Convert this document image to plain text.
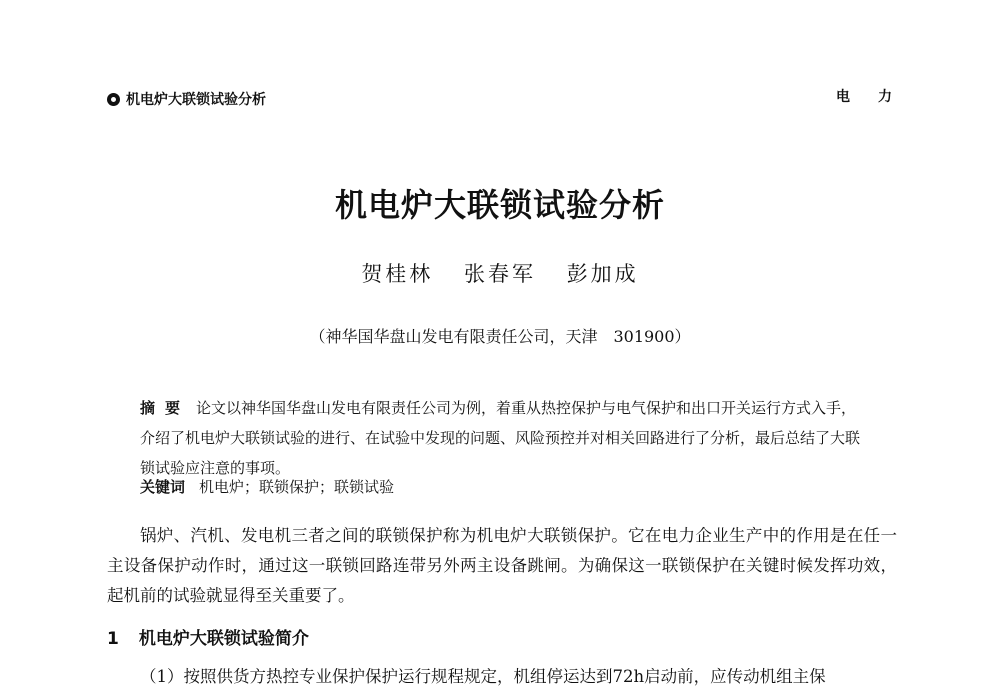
机电炉大联锁试验分析	电力
机电炉大联锁试验分析
贺桂林 张春军 彭加成
（神华国华盘山发电有限责任公司，天津　301900）
摘要 论文以神华国华盘山发电有限责任公司为例，着重从热控保护与电气保护和出口开关运行方式入手，介绍了机电炉大联锁试验的进行、在试验中发现的问题、风险预控并对相关回路进行了分析，最后总结了大联锁试验应注意的事项。
关键词 机电炉；联锁保护；联锁试验
锅炉、汽机、发电机三者之间的联锁保护称为机电炉大联锁保护。它在电力企业生产中的作用是在任一主设备保护动作时，通过这一联锁回路连带另外两主设备跳闸。为确保这一联锁保护在关键时候发挥功效，起机前的试验就显得至关重要了。
1 机电炉大联锁试验简介
（1）按照供货方热控专业保护保护运行规程规定，机组停运达到72h启动前，应传动机组主保
